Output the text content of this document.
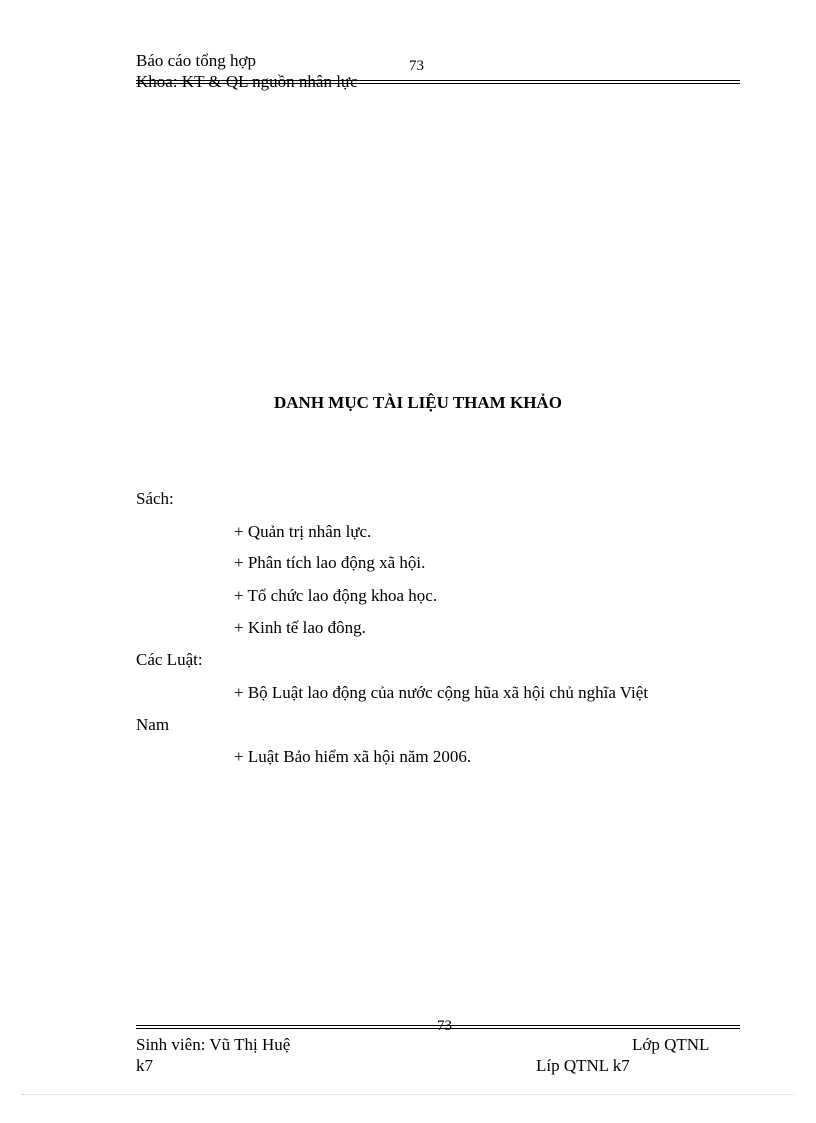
Báo cáo tổng hợp	73
Khoa: KT & QL nguồn nhân lực
DANH MỤC TÀI LIỆU THAM KHẢO
Sách:
+ Quản trị nhân lực.
+ Phân tích lao động xã hội.
+ Tổ chức lao động khoa học.
+ Kinh tế lao đông.
Các Luật:
+ Bộ Luật lao động của nước cộng hũa xã hội chủ nghĩa Việt
Nam
+ Luật Bảo hiểm xã hội năm 2006.
73
Sinh viên: Vũ Thị Huệ	Lớp QTNL
k7	Líp QTNL k7
